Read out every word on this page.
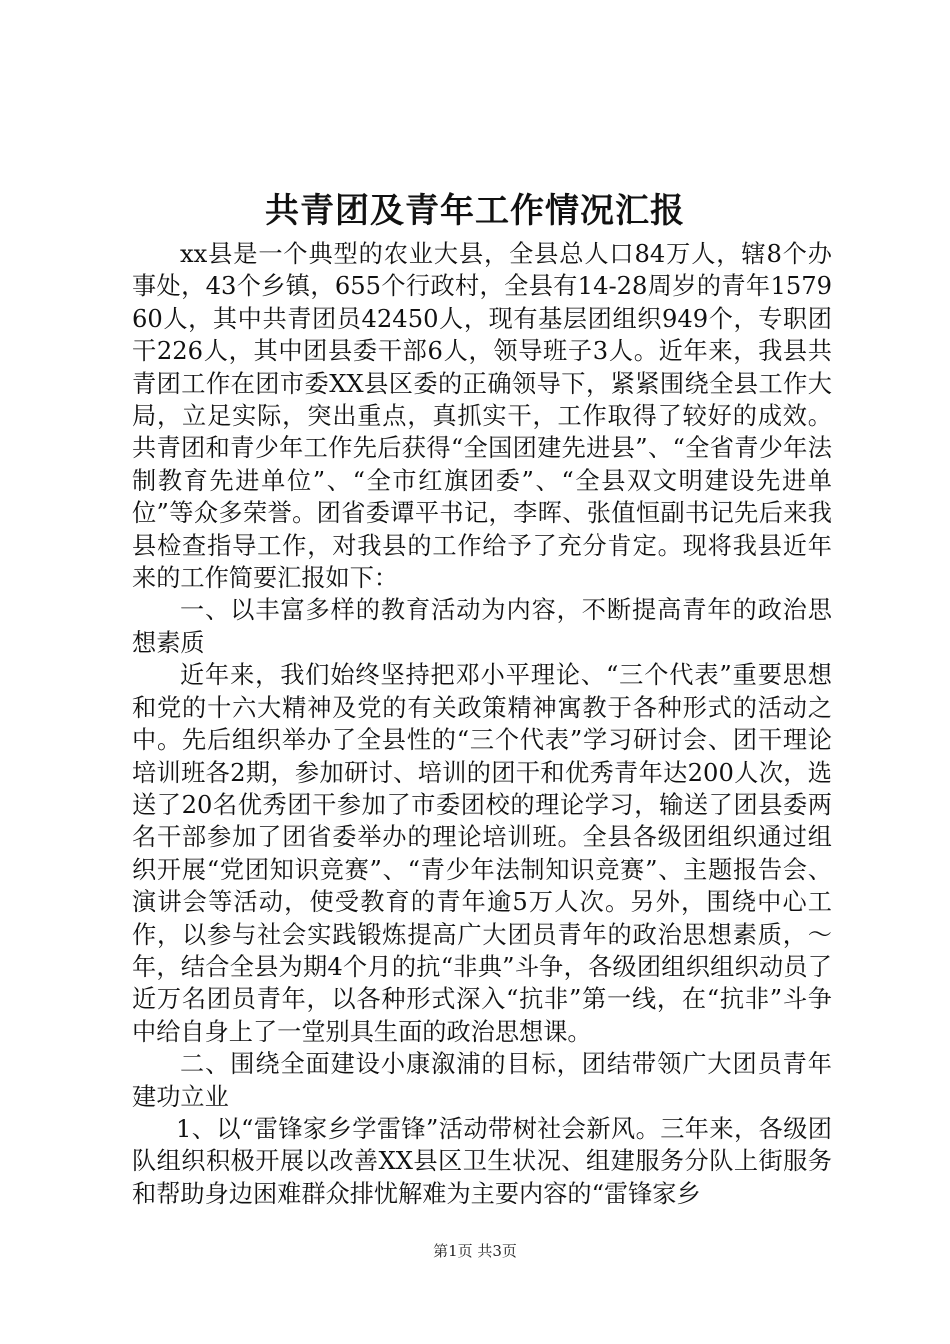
共青团及青年工作情况汇报

xx县是一个典型的农业大县，全县总人口84万人，辖8个办事处，43个乡镇，655个行政村，全县有14-28周岁的青年157960人，其中共青团员42450人，现有基层团组织949个，专职团干226人，其中团县委干部6人，领导班子3人。近年来，我县共青团工作在团市委XX县区委的正确领导下，紧紧围绕全县工作大局，立足实际，突出重点，真抓实干，工作取得了较好的成效。共青团和青少年工作先后获得“全国团建先进县”、“全省青少年法制教育先进单位”、“全市红旗团委”、“全县双文明建设先进单位”等众多荣誉。团省委谭平书记，李晖、张值恒副书记先后来我县检查指导工作，对我县的工作给予了充分肯定。现将我县近年来的工作简要汇报如下：

一、以丰富多样的教育活动为内容，不断提高青年的政治思想素质

近年来，我们始终坚持把邓小平理论、“三个代表”重要思想和党的十六大精神及党的有关政策精神寓教于各种形式的活动之中。先后组织举办了全县性的“三个代表”学习研讨会、团干理论培训班各2期，参加研讨、培训的团干和优秀青年达200人次，选送了20名优秀团干参加了市委团校的理论学习，输送了团县委两名干部参加了团省委举办的理论培训班。全县各级团组织通过组织开展“党团知识竞赛”、“青少年法制知识竞赛”、主题报告会、演讲会等活动，使受教育的青年逾5万人次。另外，围绕中心工作，以参与社会实践锻炼提高广大团员青年的政治思想素质，～年，结合全县为期4个月的抗“非典”斗争，各级团组织组织动员了近万名团员青年，以各种形式深入“抗非”第一线，在“抗非”斗争中给自身上了一堂别具生面的政治思想课。

二、围绕全面建设小康溆浦的目标，团结带领广大团员青年建功立业

1、以“雷锋家乡学雷锋”活动带树社会新风。三年来，各级团队组织积极开展以改善XX县区卫生状况、组建服务分队上街服务和帮助身边困难群众排忧解难为主要内容的“雷锋家乡

第1页 共3页
